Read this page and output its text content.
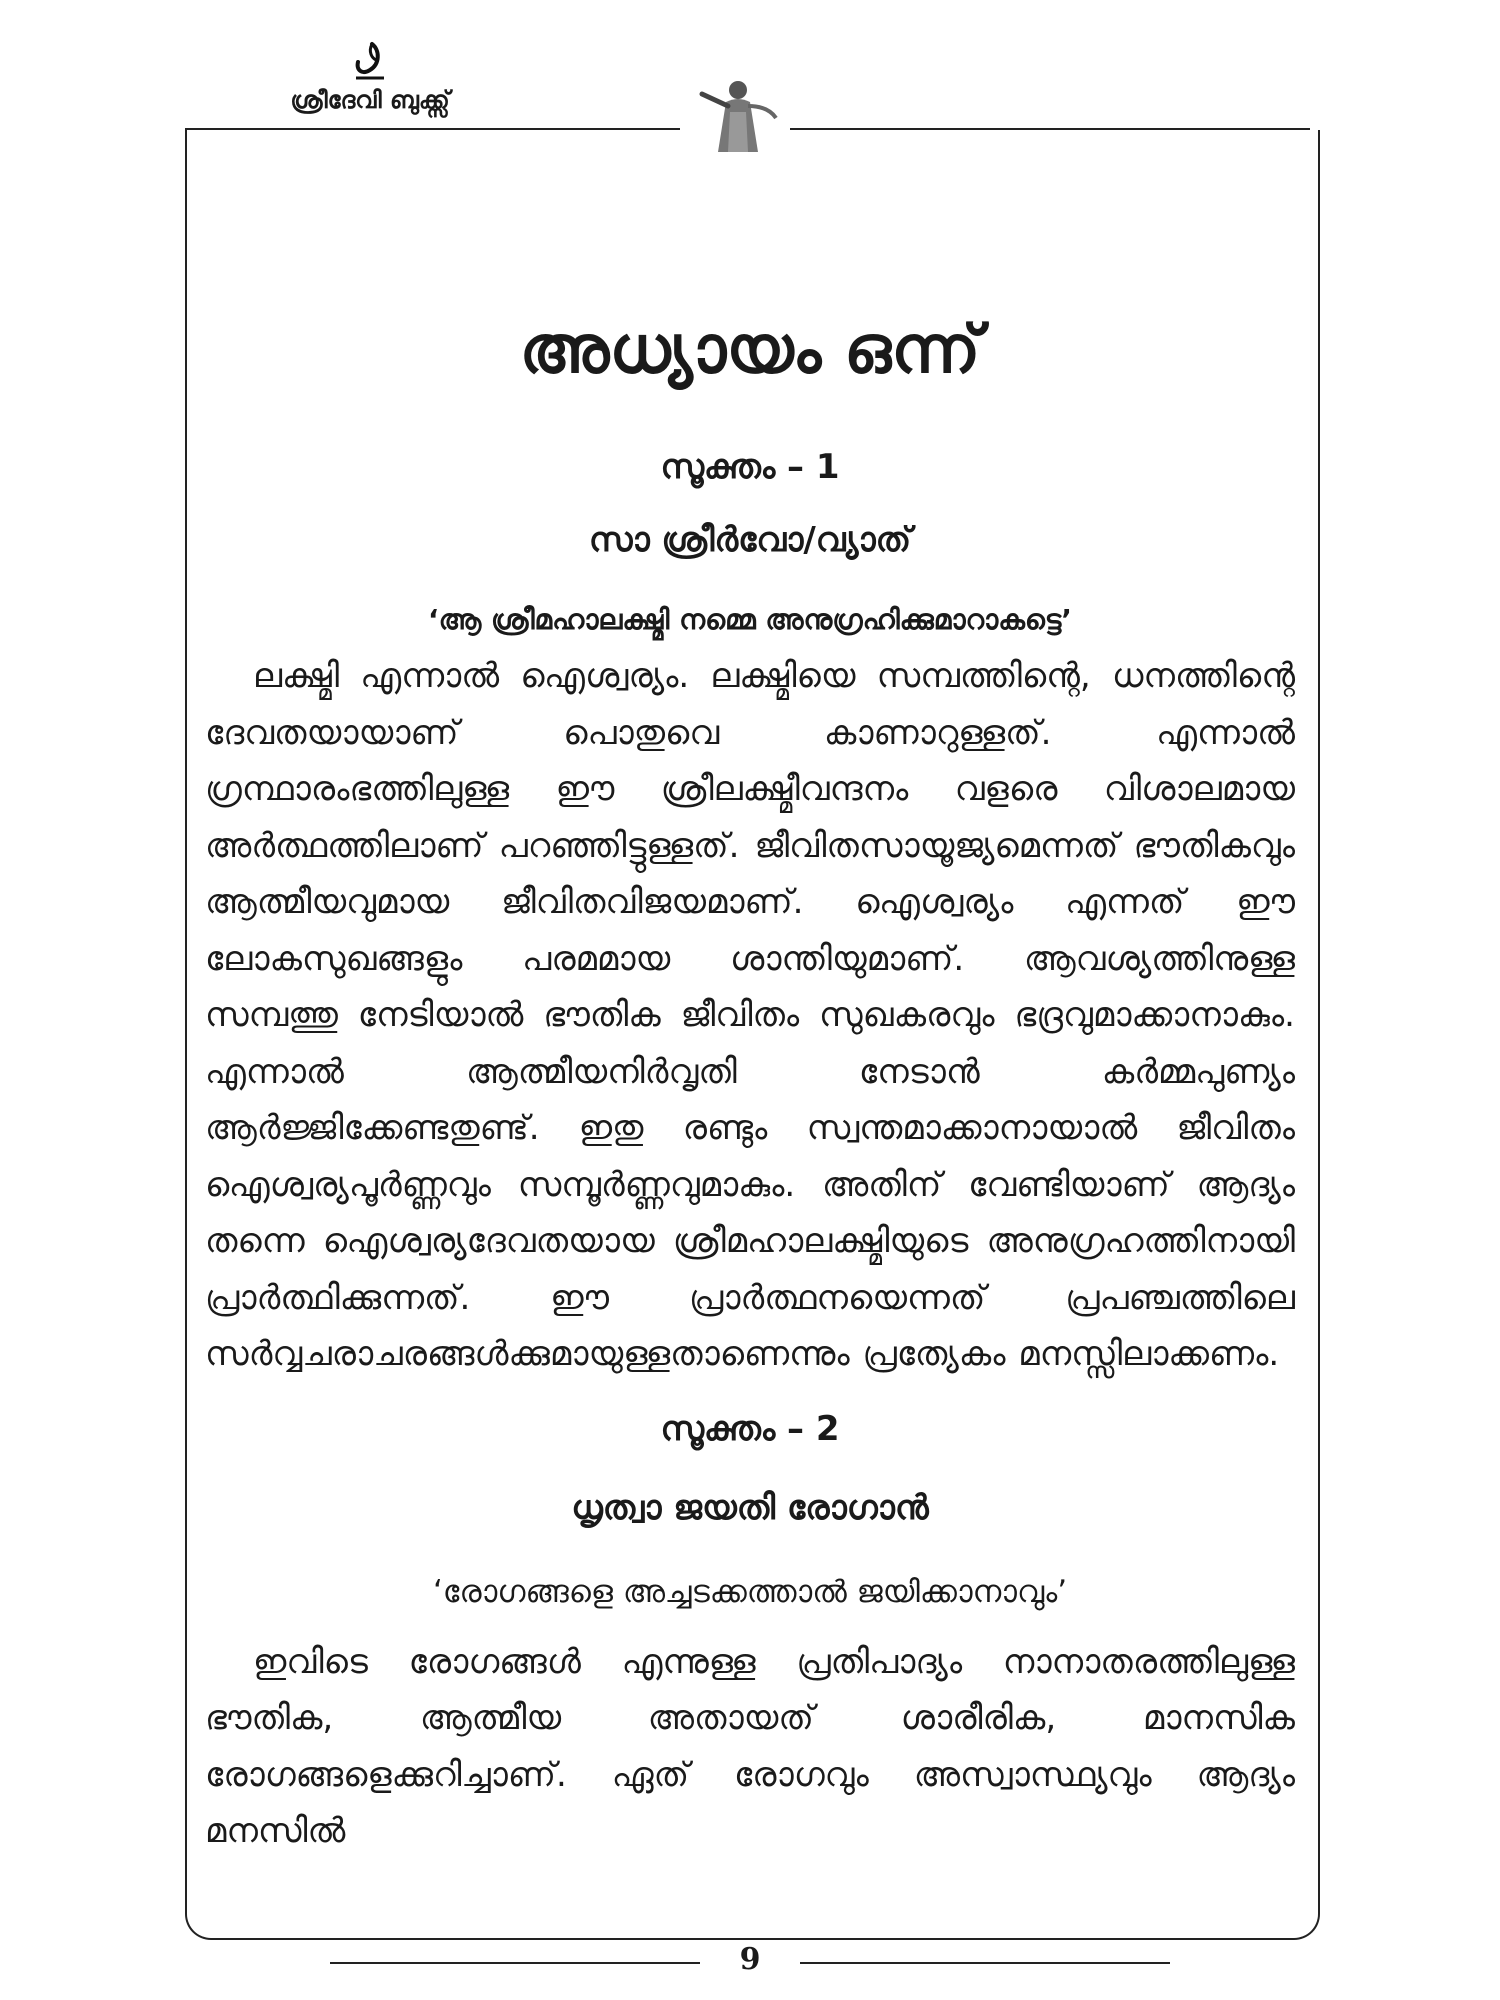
ശ്രീദേവി ബുക്ക്സ്
അധ്യായം ഒന്ന്
സൂക്തം – 1

സാ ശ്രീർവോ/വ്യാത്

‘ആ ശ്രീമഹാലക്ഷ്മി നമ്മെ അനുഗ്രഹിക്കുമാറാകട്ടെ’

ലക്ഷ്മി എന്നാൽ ഐശ്വര്യം. ലക്ഷ്മിയെ സമ്പത്തിന്റെ, ധനത്തിന്റെ ദേവതയായാണ് പൊതുവെ കാണാറുള്ളത്. എന്നാൽ ഗ്രന്ഥാരംഭത്തിലുള്ള ഈ ശ്രീലക്ഷ്മീവന്ദനം വളരെ വിശാലമായ അർത്ഥത്തിലാണ് പറഞ്ഞിട്ടുള്ളത്. ജീവിതസായൂജ്യമെന്നത് ഭൗതികവും ആത്മീയവുമായ ജീവിതവിജയമാണ്. ഐശ്വര്യം എന്നത് ഈ ലോകസുഖങ്ങളും പരമമായ ശാന്തിയുമാണ്. ആവശ്യത്തിനുള്ള സമ്പത്തു നേടിയാൽ ഭൗതിക ജീവിതം സുഖകരവും ഭദ്രവുമാക്കാനാകും. എന്നാൽ ആത്മീയനിർവൃതി നേടാൻ കർമ്മപുണ്യം ആർജ്ജിക്കേണ്ടതുണ്ട്. ഇതു രണ്ടും സ്വന്തമാക്കാനായാൽ ജീവിതം ഐശ്വര്യപൂർണ്ണവും സമ്പൂർണ്ണവുമാകും. അതിന് വേണ്ടിയാണ് ആദ്യം തന്നെ ഐശ്വര്യദേവതയായ ശ്രീമഹാലക്ഷ്മിയുടെ അനുഗ്രഹത്തിനായി പ്രാർത്ഥിക്കുന്നത്. ഈ പ്രാർത്ഥനയെന്നത് പ്രപഞ്ചത്തിലെ സർവ്വചരാചരങ്ങൾക്കുമായുള്ളതാണെന്നും പ്രത്യേകം മനസ്സിലാക്കണം.

സൂക്തം – 2

ധൃത്വാ ജയതി രോഗാൻ

‘രോഗങ്ങളെ അച്ചടക്കത്താൽ ജയിക്കാനാവും’

ഇവിടെ രോഗങ്ങൾ എന്നുള്ള പ്രതിപാദ്യം നാനാതരത്തിലുള്ള ഭൗതിക, ആത്മീയ അതായത് ശാരീരിക, മാനസിക രോഗങ്ങളെക്കുറിച്ചാണ്. ഏത് രോഗവും അസ്വാസ്ഥ്യവും ആദ്യം മനസിൽ

9
